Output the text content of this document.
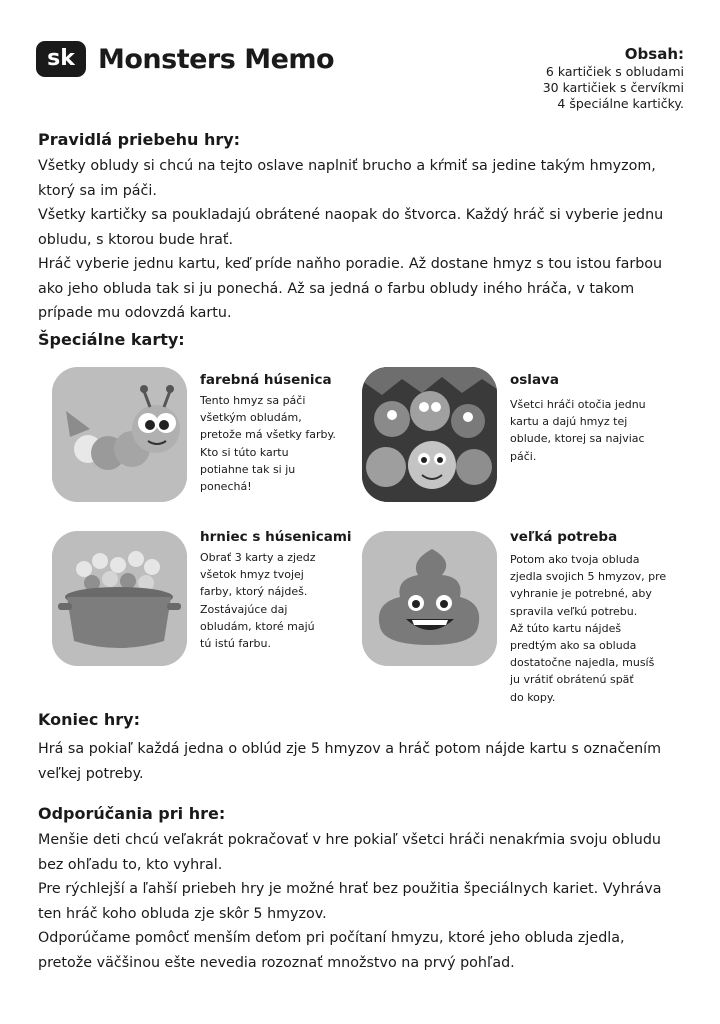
sk Monsters Memo	Obsah:
6 kartičiek s obludami
30 kartičiek s červíkmi
4 špeciálne kartičky.
Pravidlá priebehu hry:

Všetky obludy si chcú na tejto oslave naplniť brucho a kŕmiť sa jedine takým hmyzom,

ktorý sa im páči.

Všetky kartičky sa poukladajú obrátené naopak do štvorca. Každý hráč si vyberie jednu

obludu, s ktorou bude hrať.

Hráč vyberie jednu kartu, keď príde naňho poradie. Až dostane hmyz s tou istou farbou

ako jeho obluda tak si ju ponechá. Až sa jedná o farbu obludy iného hráča, v takom

prípade mu odovzdá kartu.

Špeciálne karty:
farebná húsenica

Tento hmyz sa páči

všetkým obludám,

pretože má všetky farby.

Kto si túto kartu

potiahne tak si ju

ponechá!

oslava

Všetci hráči otočia jednu

kartu a dajú hmyz tej

oblude, ktorej sa najviac

páči.

hrniec s húsenicami

Obrať 3 karty a zjedz

všetok hmyz tvojej

farby, ktorý nájdeš.

Zostávajúce daj

obludám, ktoré majú

tú istú farbu.

veľká potreba

Potom ako tvoja obluda

zjedla svojich 5 hmyzov, pre

vyhranie je potrebné, aby

spravila veľkú potrebu.

Až túto kartu nájdeš

predtým ako sa obluda

dostatočne najedla, musíš

ju vrátiť obrátenú späť

do kopy.

Koniec hry:

Hrá sa pokiaľ každá jedna o oblúd zje 5 hmyzov a hráč potom nájde kartu s označením

veľkej potreby.

Odporúčania pri hre:

Menšie deti chcú veľakrát pokračovať v hre pokiaľ všetci hráči nenakŕmia svoju obludu

bez ohľadu to, kto vyhral.

Pre rýchlejší a ľahší priebeh hry je možné hrať bez použitia špeciálnych kariet. Vyhráva

ten hráč koho obluda zje skôr 5 hmyzov.

Odporúčame pomôcť menším deťom pri počítaní hmyzu, ktoré jeho obluda zjedla,

pretože väčšinou ešte nevedia rozoznať množstvo na prvý pohľad.
